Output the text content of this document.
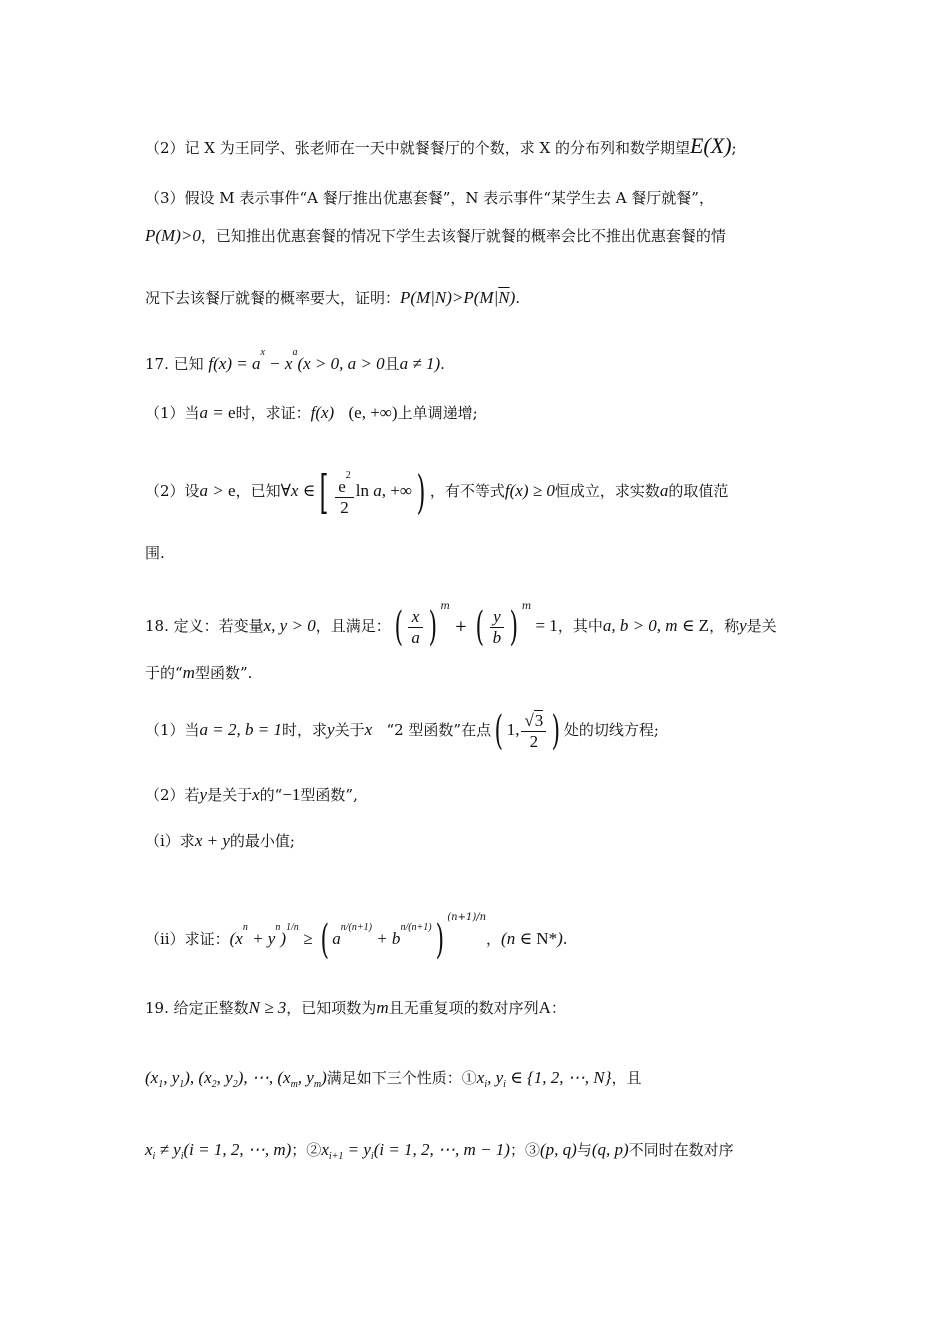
（2）记 X 为王同学、张老师在一天中就餐餐厅的个数，求 X 的分布列和数学期望E(X);
（3）假设 M 表示事件“A 餐厅推出优惠套餐”，N 表示事件“某学生去 A 餐厅就餐”，
P(M)>0，已知推出优惠套餐的情况下学生去该餐厅就餐的概率会比不推出优惠套餐的情
况下去该餐厅就餐的概率要大，证明：$P(M|N)>P(M|\overline{N})$.
17. 已知 $f(x) = a^x - x^a(x > 0$, a > 0且a ≠ 1).
（1）当a = e时，求证：f(x) (e, +∞)上单调递增;
（2）设a > e，已知∀x ∈[ $\frac{e^2}{2}$ ln a, +∞) ，有不等式f(x) ≥ 0恒成立，求实数a的取值范
围.
18. 定义：若变量x, y > 0，且满足：( $\frac{x}{a}$ ) $^m$ + ( $\frac{y}{b}$ ) $^m$ = 1，其中a, b > 0, m ∈ Z，称y是关
于的“m型函数”.
（1）当a = 2, b = 1时，求y关于x “2 型函数”在点( 1, $\frac{√3}{2}$ ) 处的切线方程;
（2）若y是关于x的“−1型函数”,
（i）求x + y的最小值;
（ii）求证：$(x^n + y^n)^{1/n}$ ≥ ( $a^{n/(n+1)} + b^{n/(n+1)}$) $^{(n+1)/n}$，(n ∈ N*).
19. 给定正整数N ≥ 3，已知项数为m且无重复项的数对序列A：
($x_1$, $y_1$), ($x_2$, $y_2$), ⋯, ($x_m$, $y_m$)满足如下三个性质：$①x_i$, $y_i$ ∈ {1, 2, ⋯, N}，且
$x_i \ne y_i(i = 1$, 2, ⋯, m)；$②x_{i+1} = y_i(i = 1$, 2, ⋯, m − 1)；③(p, q)与(q, p)不同时在数对序
